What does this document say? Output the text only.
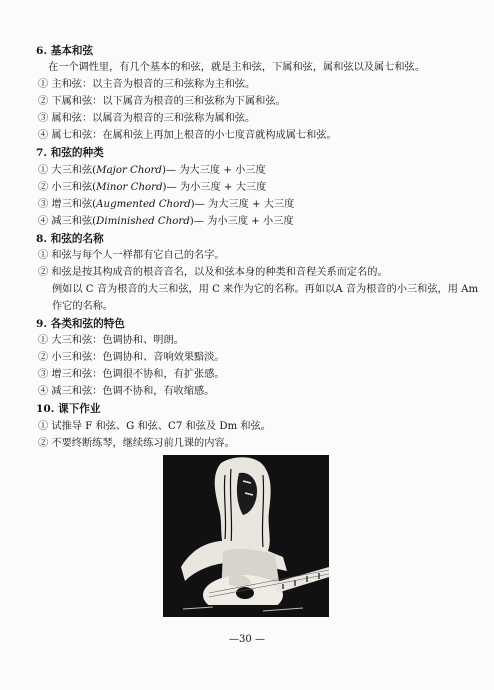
6. 基本和弦
在一个调性里，有几个基本的和弦，就是主和弦，下属和弦，属和弦以及属七和弦。
① 主和弦：以主音为根音的三和弦称为主和弦。
② 下属和弦：以下属音为根音的三和弦称为下属和弦。
③ 属和弦：以属音为根音的三和弦称为属和弦。
④ 属七和弦：在属和弦上再加上根音的小七度音就构成属七和弦。
7. 和弦的种类
① 大三和弦(Major Chord)— 为大三度 + 小三度
② 小三和弦(Minor Chord)— 为小三度 + 大三度
③ 增三和弦(Augmented Chord)— 为大三度 + 大三度
④ 减三和弦(Diminished Chord)— 为小三度 + 小三度
8. 和弦的名称
① 和弦与每个人一样都有它自己的名字。
② 和弦是按其构成音的根音音名，以及和弦本身的种类和音程关系而定名的。
例如以 C 音为根音的大三和弦，用 C 来作为它的名称。再如以A 音为根音的小三和弦，用 Am
作它的名称。
9. 各类和弦的特色
① 大三和弦：色调协和、明朗。
② 小三和弦：色调协和、音响效果黯淡。
③ 增三和弦：色调很不协和，有扩张感。
④ 减三和弦：色调不协和，有收缩感。
10. 课下作业
① 试推导 F 和弦、G 和弦、C7 和弦及 Dm 和弦。
② 不要终断练琴，继续练习前几课的内容。
—30 —
